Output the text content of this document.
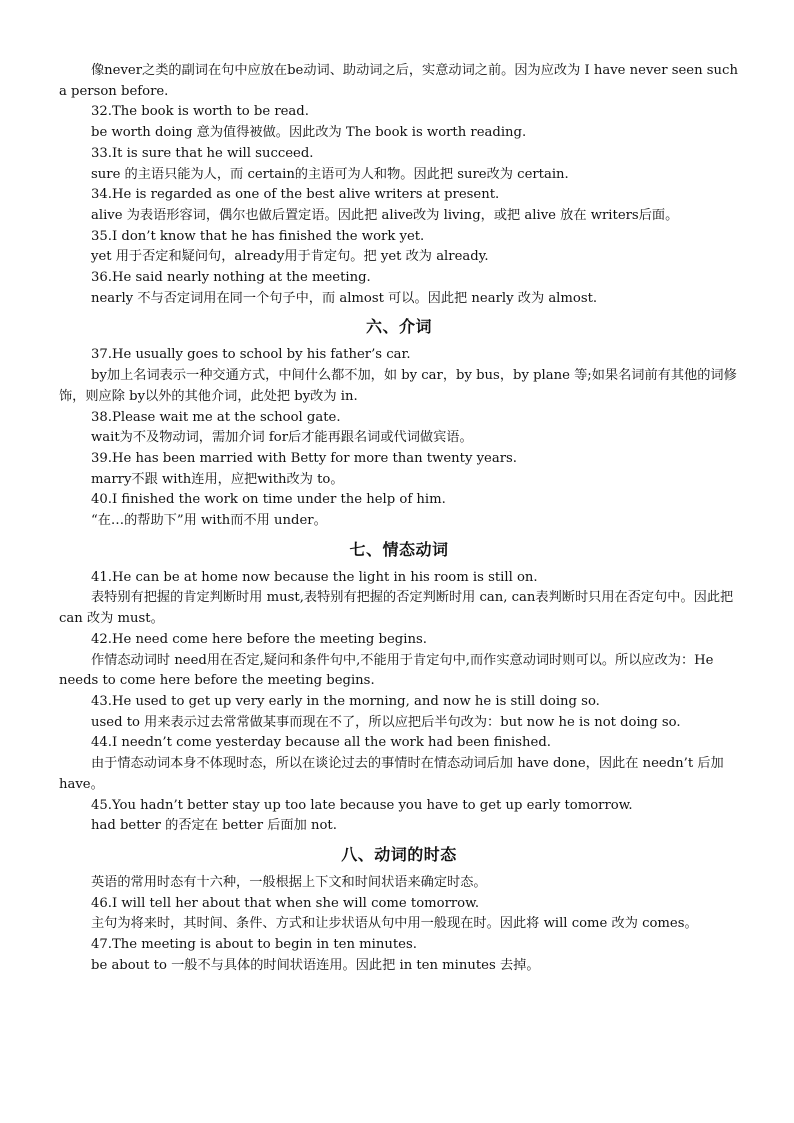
像never之类的副词在句中应放在be动词、助动词之后，实意动词之前。因为应改为 I have never seen such a person before.

32.The book is worth to be read.

be worth doing 意为值得被做。因此改为 The book is worth reading.

33.It is sure that he will succeed.

sure 的主语只能为人，而 certain的主语可为人和物。因此把 sure改为 certain.

34.He is regarded as one of the best alive writers at present.

alive 为表语形容词，偶尔也做后置定语。因此把 alive改为 living，或把 alive 放在 writers后面。

35.I don’t know that he has finished the work yet.

yet 用于否定和疑问句，already用于肯定句。把 yet 改为 already.

36.He said nearly nothing at the meeting.

nearly 不与否定词用在同一个句子中，而 almost 可以。因此把 nearly 改为 almost.

六、介词

37.He usually goes to school by his father’s car.

by加上名词表示一种交通方式，中间什么都不加，如 by car，by bus，by plane 等;如果名词前有其他的词修饰，则应除 by以外的其他介词，此处把 by改为 in.

38.Please wait me at the school gate.

wait为不及物动词，需加介词 for后才能再跟名词或代词做宾语。

39.He has been married with Betty for more than twenty years.

marry不跟 with连用，应把with改为 to。

40.I finished the work on time under the help of him.

“在…的帮助下”用 with而不用 under。

七、情态动词

41.He can be at home now because the light in his room is still on.

表特别有把握的肯定判断时用 must,表特别有把握的否定判断时用 can, can表判断时只用在否定句中。因此把 can 改为 must。

42.He need come here before the meeting begins.

作情态动词时 need用在否定,疑问和条件句中,不能用于肯定句中,而作实意动词时则可以。所以应改为：He needs to come here before the meeting begins.

43.He used to get up very early in the morning, and now he is still doing so.

used to 用来表示过去常常做某事而现在不了，所以应把后半句改为：but now he is not doing so.

44.I needn’t come yesterday because all the work had been finished.

由于情态动词本身不体现时态，所以在谈论过去的事情时在情态动词后加 have done，因此在 needn’t 后加 have。

45.You hadn’t better stay up too late because you have to get up early tomorrow.

had better 的否定在 better 后面加 not.

八、动词的时态

英语的常用时态有十六种，一般根据上下文和时间状语来确定时态。

46.I will tell her about that when she will come tomorrow.

主句为将来时，其时间、条件、方式和让步状语从句中用一般现在时。因此将 will come 改为 comes。

47.The meeting is about to begin in ten minutes.

be about to 一般不与具体的时间状语连用。因此把 in ten minutes 去掉。
